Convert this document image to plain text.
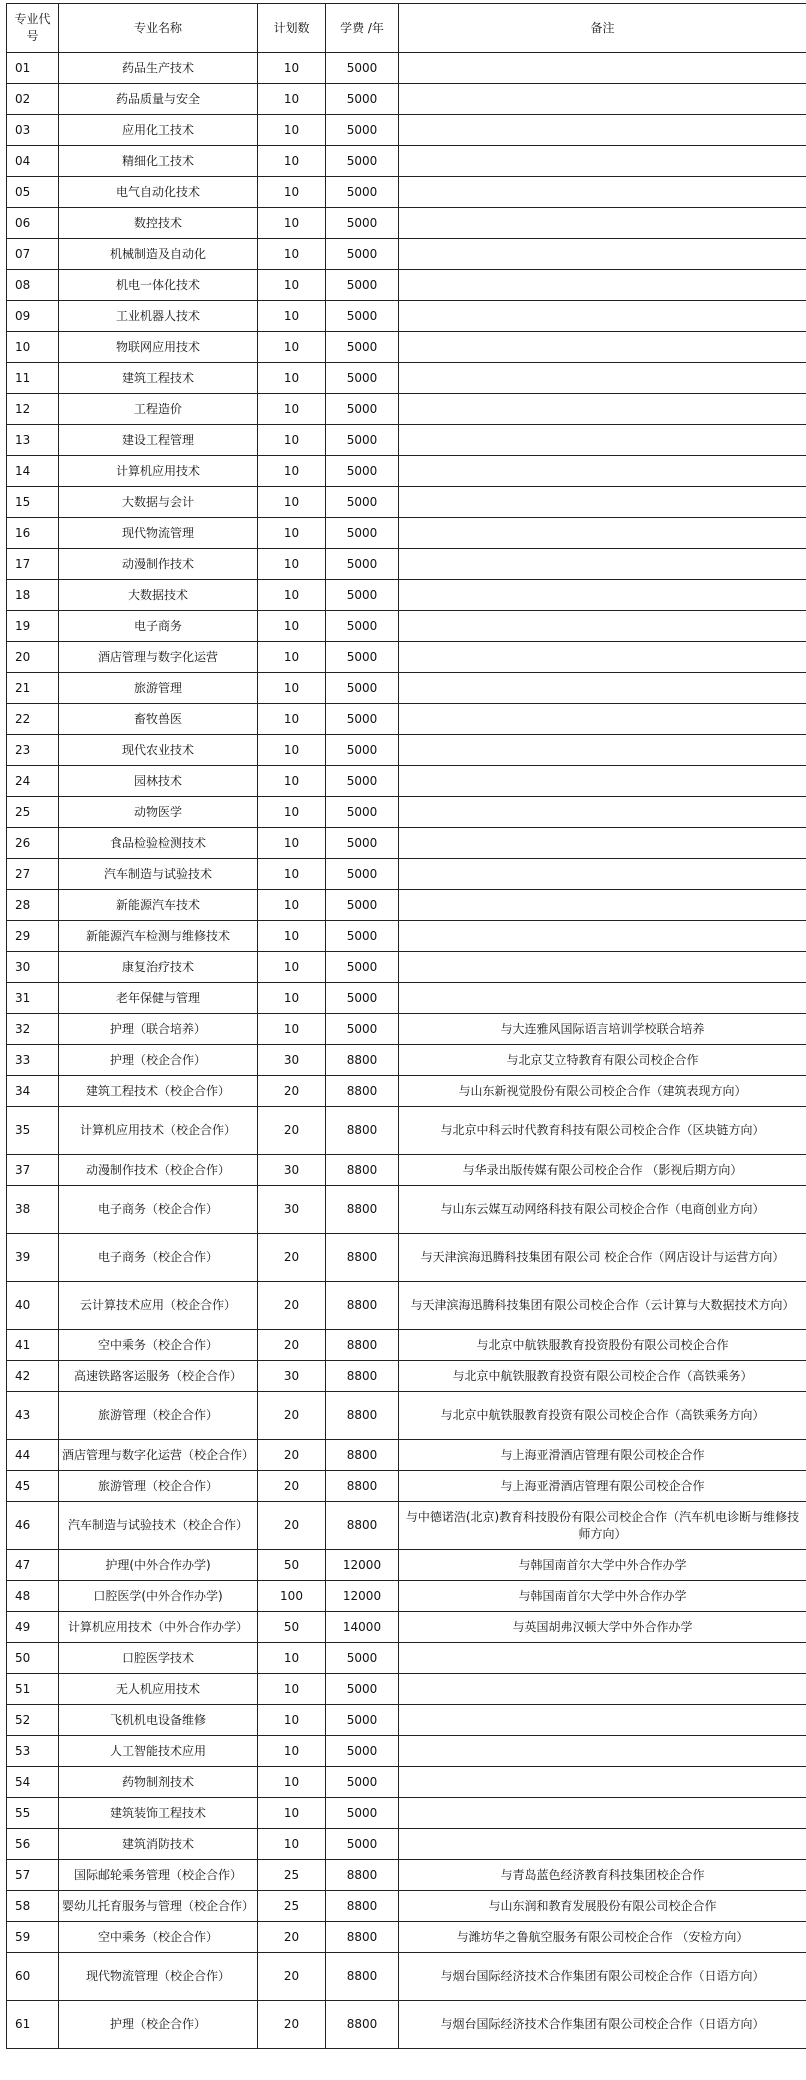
专业代号	专业名称	计划数	学费 /年	备注
01	药品生产技术	10	5000	
02	药品质量与安全	10	5000	
03	应用化工技术	10	5000	
04	精细化工技术	10	5000	
05	电气自动化技术	10	5000	
06	数控技术	10	5000	
07	机械制造及自动化	10	5000	
08	机电一体化技术	10	5000	
09	工业机器人技术	10	5000	
10	物联网应用技术	10	5000	
11	建筑工程技术	10	5000	
12	工程造价	10	5000	
13	建设工程管理	10	5000	
14	计算机应用技术	10	5000	
15	大数据与会计	10	5000	
16	现代物流管理	10	5000	
17	动漫制作技术	10	5000	
18	大数据技术	10	5000	
19	电子商务	10	5000	
20	酒店管理与数字化运营	10	5000	
21	旅游管理	10	5000	
22	畜牧兽医	10	5000	
23	现代农业技术	10	5000	
24	园林技术	10	5000	
25	动物医学	10	5000	
26	食品检验检测技术	10	5000	
27	汽车制造与试验技术	10	5000	
28	新能源汽车技术	10	5000	
29	新能源汽车检测与维修技术	10	5000	
30	康复治疗技术	10	5000	
31	老年保健与管理	10	5000	
32	护理（联合培养）	10	5000	与大连雅风国际语言培训学校联合培养
33	护理（校企合作）	30	8800	与北京艾立特教育有限公司校企合作
34	建筑工程技术（校企合作）	20	8800	与山东新视觉股份有限公司校企合作（建筑表现方向）
35	计算机应用技术（校企合作）	20	8800	与北京中科云时代教育科技有限公司校企合作（区块链方向）
37	动漫制作技术（校企合作）	30	8800	与华录出版传媒有限公司校企合作 （影视后期方向）
38	电子商务（校企合作）	30	8800	与山东云媒互动网络科技有限公司校企合作（电商创业方向）
39	电子商务（校企合作）	20	8800	与天津滨海迅腾科技集团有限公司 校企合作（网店设计与运营方向）
40	云计算技术应用（校企合作）	20	8800	与天津滨海迅腾科技集团有限公司校企合作（云计算与大数据技术方向）
41	空中乘务（校企合作）	20	8800	与北京中航铁服教育投资股份有限公司校企合作
42	高速铁路客运服务（校企合作）	30	8800	与北京中航铁服教育投资有限公司校企合作（高铁乘务）
43	旅游管理（校企合作）	20	8800	与北京中航铁服教育投资有限公司校企合作（高铁乘务方向）
44	酒店管理与数字化运营（校企合作）	20	8800	与上海亚滑酒店管理有限公司校企合作
45	旅游管理（校企合作）	20	8800	与上海亚滑酒店管理有限公司校企合作
46	汽车制造与试验技术（校企合作）	20	8800	与中德诺浩(北京)教育科技股份有限公司校企合作（汽车机电诊断与维修技师方向）
47	护理(中外合作办学)	50	12000	与韩国南首尔大学中外合作办学
48	口腔医学(中外合作办学)	100	12000	与韩国南首尔大学中外合作办学
49	计算机应用技术（中外合作办学）	50	14000	与英国胡弗汉顿大学中外合作办学
50	口腔医学技术	10	5000	
51	无人机应用技术	10	5000	
52	飞机机电设备维修	10	5000	
53	人工智能技术应用	10	5000	
54	药物制剂技术	10	5000	
55	建筑装饰工程技术	10	5000	
56	建筑消防技术	10	5000	
57	国际邮轮乘务管理（校企合作）	25	8800	与青岛蓝色经济教育科技集团校企合作
58	婴幼儿托育服务与管理（校企合作）	25	8800	与山东润和教育发展股份有限公司校企合作
59	空中乘务（校企合作）	20	8800	与潍坊华之鲁航空服务有限公司校企合作 （安检方向）
60	现代物流管理（校企合作）	20	8800	与烟台国际经济技术合作集团有限公司校企合作（日语方向）
61	护理（校企合作）	20	8800	与烟台国际经济技术合作集团有限公司校企合作（日语方向）
